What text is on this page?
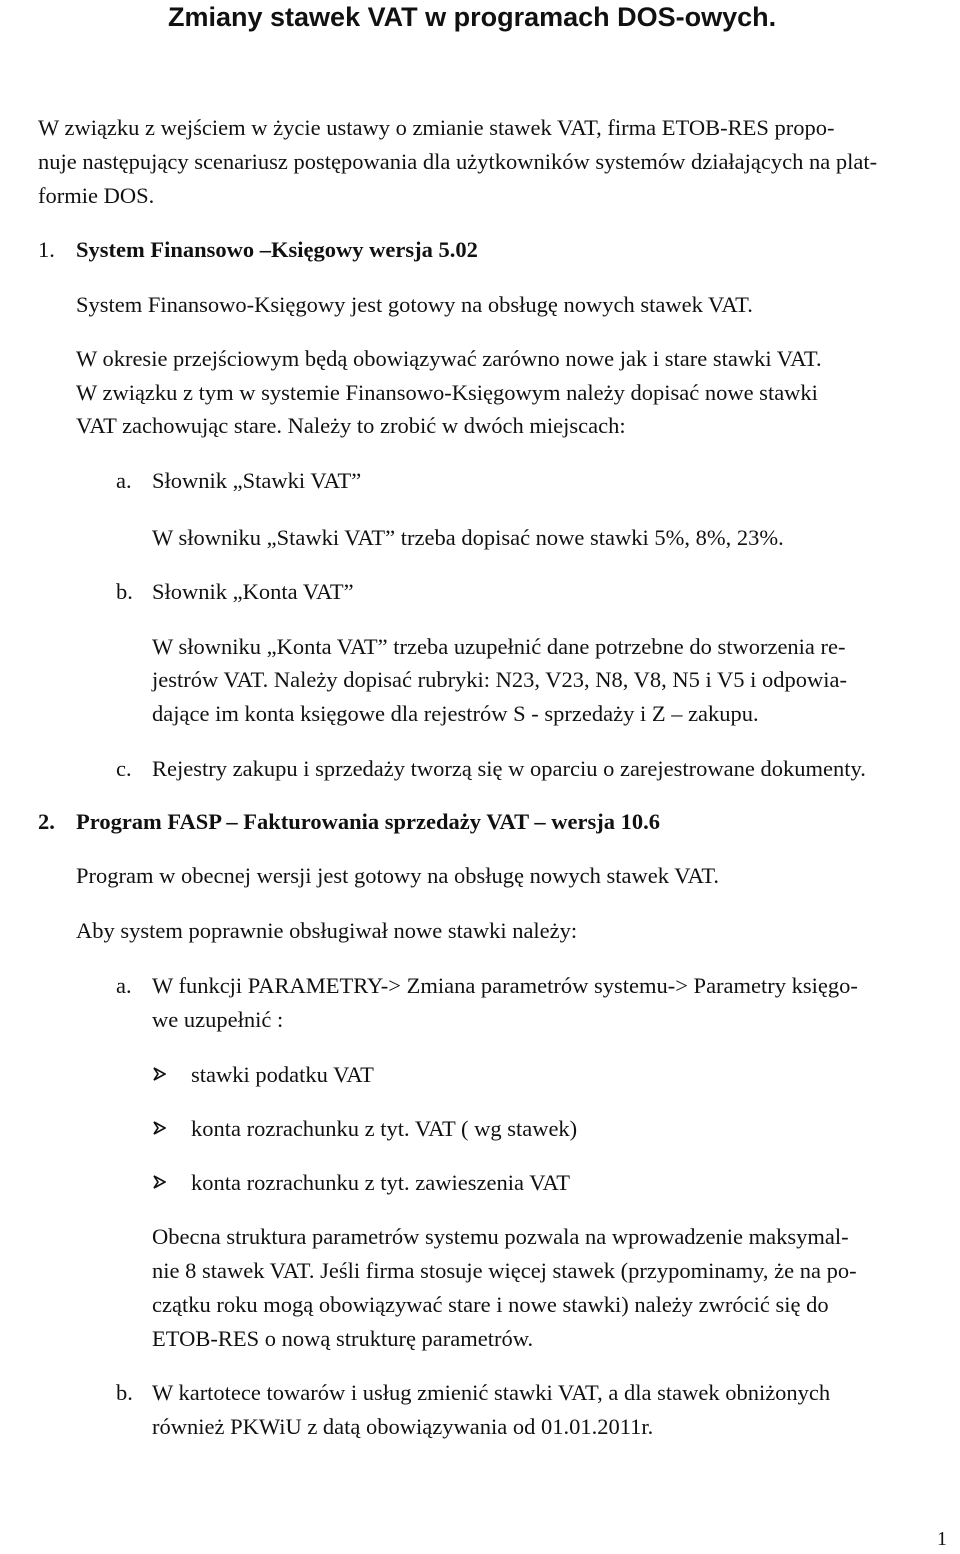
Zmiany stawek VAT w programach DOS-owych.
W związku z wejściem w życie ustawy o zmianie stawek VAT, firma ETOB-RES propo-
nuje następujący scenariusz postępowania dla użytkowników systemów działających na plat-
formie DOS.
1. System Finansowo –Księgowy wersja 5.02
System Finansowo-Księgowy jest gotowy na obsługę nowych stawek VAT.
W okresie przejściowym będą obowiązywać zarówno nowe jak i stare stawki VAT.
W związku z tym w systemie Finansowo-Księgowym należy dopisać nowe stawki
VAT zachowując stare. Należy to zrobić w dwóch miejscach:
a. Słownik „Stawki VAT”
W słowniku „Stawki VAT” trzeba dopisać nowe stawki 5%, 8%, 23%.
b. Słownik „Konta VAT”
W słowniku „Konta VAT” trzeba uzupełnić dane potrzebne do stworzenia re-
jestrów VAT. Należy dopisać rubryki: N23, V23, N8, V8, N5 i V5 i odpowia-
dające im konta księgowe dla rejestrów S - sprzedaży i Z – zakupu.
c. Rejestry zakupu i sprzedaży tworzą się w oparciu o zarejestrowane dokumenty.
2. Program FASP – Fakturowania sprzedaży VAT – wersja 10.6
Program w obecnej wersji jest gotowy na obsługę nowych stawek VAT.
Aby system poprawnie obsługiwał nowe stawki należy:
a. W funkcji PARAMETRY-> Zmiana parametrów systemu-> Parametry księgo-
we uzupełnić :
stawki podatku VAT
konta rozrachunku z tyt. VAT ( wg stawek)
konta rozrachunku z tyt. zawieszenia VAT
Obecna struktura parametrów systemu pozwala na wprowadzenie maksymal-
nie 8 stawek VAT. Jeśli firma stosuje więcej stawek (przypominamy, że na po-
czątku roku mogą obowiązywać stare i nowe stawki) należy zwrócić się do
ETOB-RES o nową strukturę parametrów.
b. W kartotece towarów i usług zmienić stawki VAT, a dla stawek obniżonych
również PKWiU z datą obowiązywania od 01.01.2011r.
1
